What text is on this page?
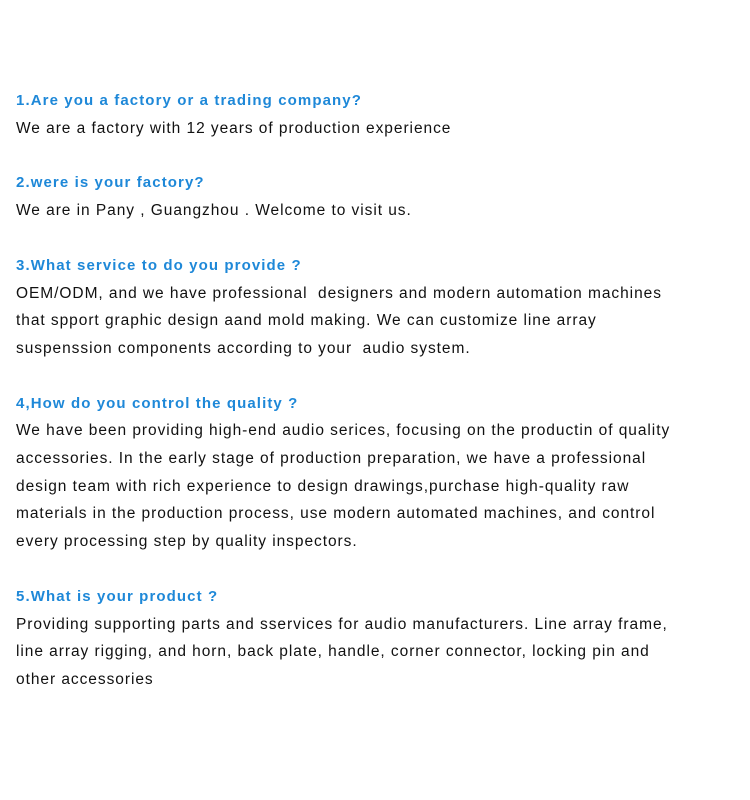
1.Are you a factory or a trading company?

We are a factory with 12 years of production experience

2.were is your factory?

We are in Pany , Guangzhou . Welcome to visit us.

3.What service to do you provide ?

OEM/ODM, and we have professional  designers and modern automation machines
that spport graphic design aand mold making. We can customize line array
suspenssion components according to your  audio system.

4,How do you control the quality ?

We have been providing high-end audio serices, focusing on the productin of quality
accessories. In the early stage of production preparation, we have a professional
design team with rich experience to design drawings,purchase high-quality raw
materials in the production process, use modern automated machines, and control
every processing step by quality inspectors.

5.What is your product ?

Providing supporting parts and sservices for audio manufacturers. Line array frame,
line array rigging, and horn, back plate, handle, corner connector, locking pin and
other accessories
